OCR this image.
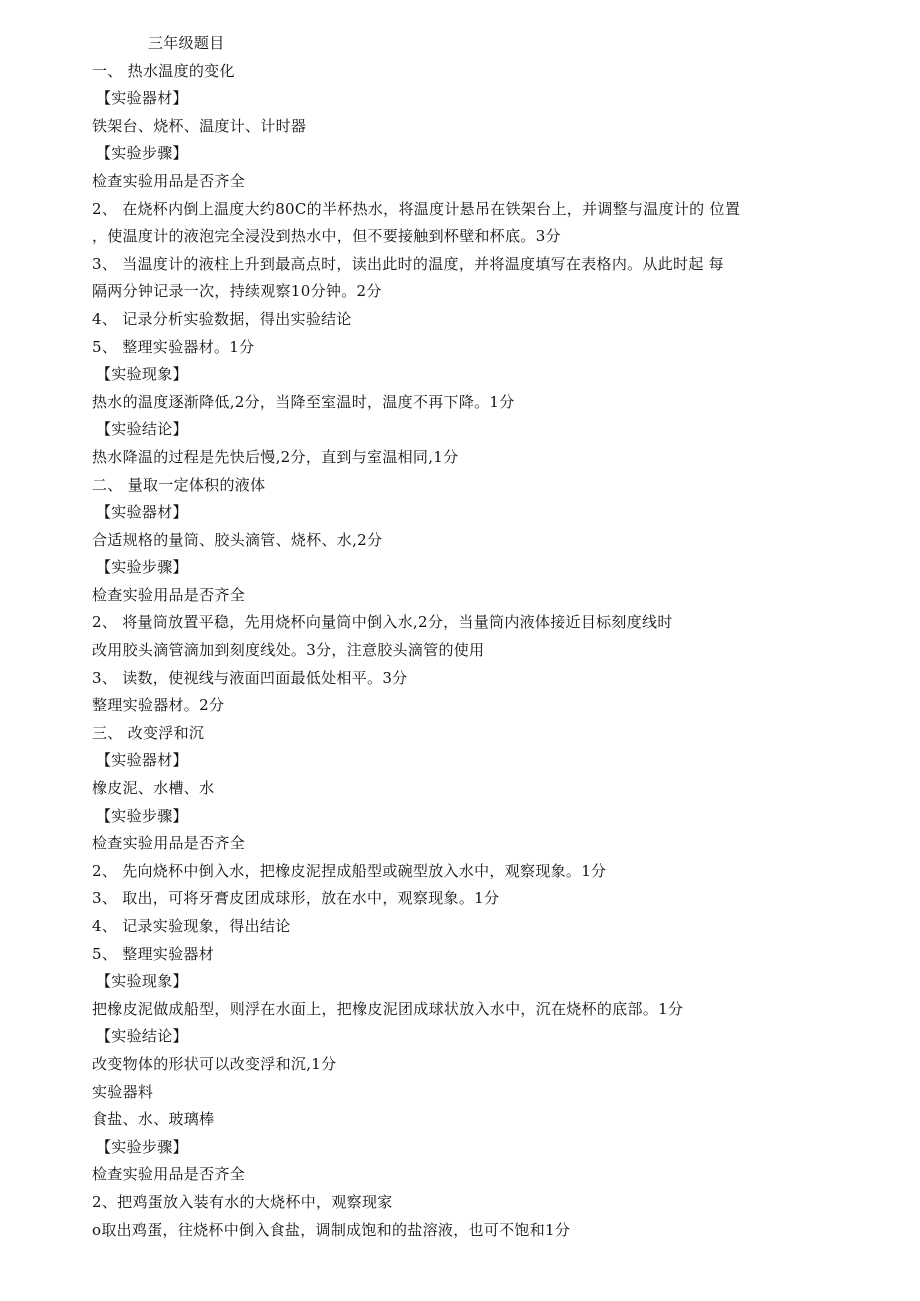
三年级题目
一、 热水温度的变化
【实验器材】
铁架台、烧杯、温度计、计时器
【实验步骤】
检查实验用品是否齐全
2、 在烧杯内倒上温度大约80C的半杯热水，将温度计悬吊在铁架台上，并调整与温度计的 位置
，使温度计的液泡完全浸没到热水中，但不要接触到杯壁和杯底。3分
3、 当温度计的液柱上升到最高点时，读出此时的温度，并将温度填写在表格内。从此时起 每
隔两分钟记录一次，持续观察10分钟。2分
4、 记录分析实验数据，得出实验结论
5、 整理实验器材。1分
【实验现象】
热水的温度逐渐降低,2分，当降至室温时，温度不再下降。1分
【实验结论】
热水降温的过程是先快后慢,2分，直到与室温相同,1分
二、 量取一定体积的液体
【实验器材】
合适规格的量筒、胶头滴管、烧杯、水,2分
【实验步骤】
检查实验用品是否齐全
2、 将量筒放置平稳，先用烧杯向量筒中倒入水,2分，当量筒内液体接近目标刻度线时
改用胶头滴管滴加到刻度线处。3分，注意胶头滴管的使用
3、 读数，使视线与液面凹面最低处相平。3分
整理实验器材。2分
三、 改变浮和沉
【实验器材】
橡皮泥、水槽、水
【实验步骤】
检查实验用品是否齐全
2、 先向烧杯中倒入水，把橡皮泥捏成船型或碗型放入水中，观察现象。1分
3、 取出，可将牙膏皮团成球形，放在水中，观察现象。1分
4、 记录实验现象，得出结论
5、 整理实验器材
【实验现象】
把橡皮泥做成船型，则浮在水面上，把橡皮泥团成球状放入水中，沉在烧杯的底部。1分
【实验结论】
改变物体的形状可以改变浮和沉,1分
实验器料
食盐、水、玻璃棒
【实验步骤】
检查实验用品是否齐全
2、把鸡蛋放入装有水的大烧杯中，观察现家
o取出鸡蛋，往烧杯中倒入食盐，调制成饱和的盐溶液，也可不饱和1分
